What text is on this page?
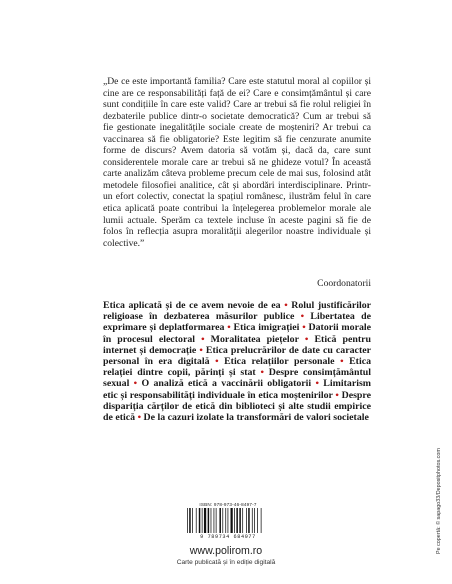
„De ce este importantă familia? Care este statutul moral al copiilor și cine are ce responsabilități față de ei? Care e consimțământul și care sunt condițiile în care este valid? Care ar trebui să fie rolul religiei în dezbaterile publice dintr-o societate democratică? Cum ar trebui să fie gestionate inegalitățile sociale create de moșteniri? Ar trebui ca vaccinarea să fie obligatorie? Este legitim să fie cenzurate anumite forme de discurs? Avem datoria să votăm și, dacă da, care sunt considerentele morale care ar trebui să ne ghideze votul? În această carte analizăm câteva probleme precum cele de mai sus, folosind atât metodele filosofiei analitice, cât și abordări interdisciplinare. Printr-un efort colectiv, conectat la spațiul românesc, ilustrăm felul în care etica aplicată poate contribui la înțelegerea problemelor morale ale lumii actuale. Sperăm ca textele incluse în aceste pagini să fie de folos în reflecția asupra moralității alegerilor noastre individuale și colective.”

Coordonatorii

Etica aplicată și de ce avem nevoie de ea • Rolul justificărilor religioase în dezbaterea măsurilor publice • Libertatea de exprimare și deplatformarea • Etica imigrației • Datorii morale în procesul electoral • Moralitatea piețelor • Etică pentru internet și democrație • Etica prelucrărilor de date cu caracter personal în era digitală • Etica relațiilor personale • Etica relației dintre copii, părinți și stat • Despre consimțământul sexual • O analiză etică a vaccinării obligatorii • Limitarism etic și responsabilități individuale în etica moștenirilor • Despre dispariția cărților de etică din biblioteci și alte studii empirice de etică • De la cazuri izolate la transformări de valori societale

ISBN: 978-973-46-8497-7
9 789734 684977
www.polirom.ro
Carte publicată și în ediție digitală
Pe copertă: © sapago33/Depositphotos.com
